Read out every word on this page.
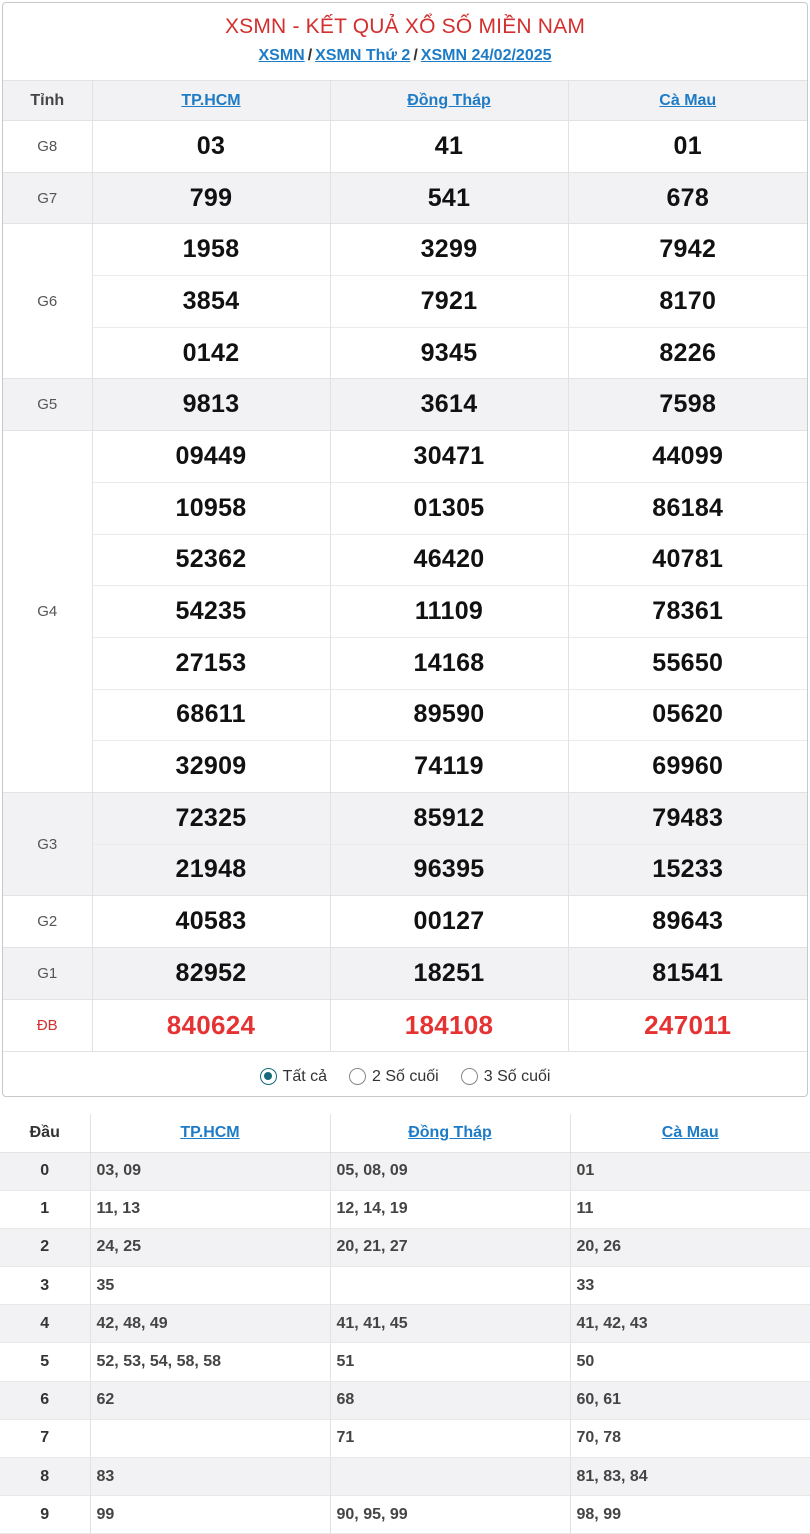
XSMN - KẾT QUẢ XỔ SỐ MIỀN NAM
XSMN / XSMN Thứ 2 / XSMN 24/02/2025
Tỉnh	TP.HCM	Đồng Tháp	Cà Mau
G8	03	41	01
G7	799	541	678
G6	1958	3299	7942
	3854	7921	8170
	0142	9345	8226
G5	9813	3614	7598
G4	09449	30471	44099
	10958	01305	86184
	52362	46420	40781
	54235	11109	78361
	27153	14168	55650
	68611	89590	05620
	32909	74119	69960
G3	72325	85912	79483
	21948	96395	15233
G2	40583	00127	89643
G1	82952	18251	81541
ĐB	840624	184108	247011
Tất cả	2 Số cuối	3 Số cuối
Đầu	TP.HCM	Đồng Tháp	Cà Mau
0	03, 09	05, 08, 09	01
1	11, 13	12, 14, 19	11
2	24, 25	20, 21, 27	20, 26
3	35		33
4	42, 48, 49	41, 41, 45	41, 42, 43
5	52, 53, 54, 58, 58	51	50
6	62	68	60, 61
7		71	70, 78
8	83		81, 83, 84
9	99	90, 95, 99	98, 99
